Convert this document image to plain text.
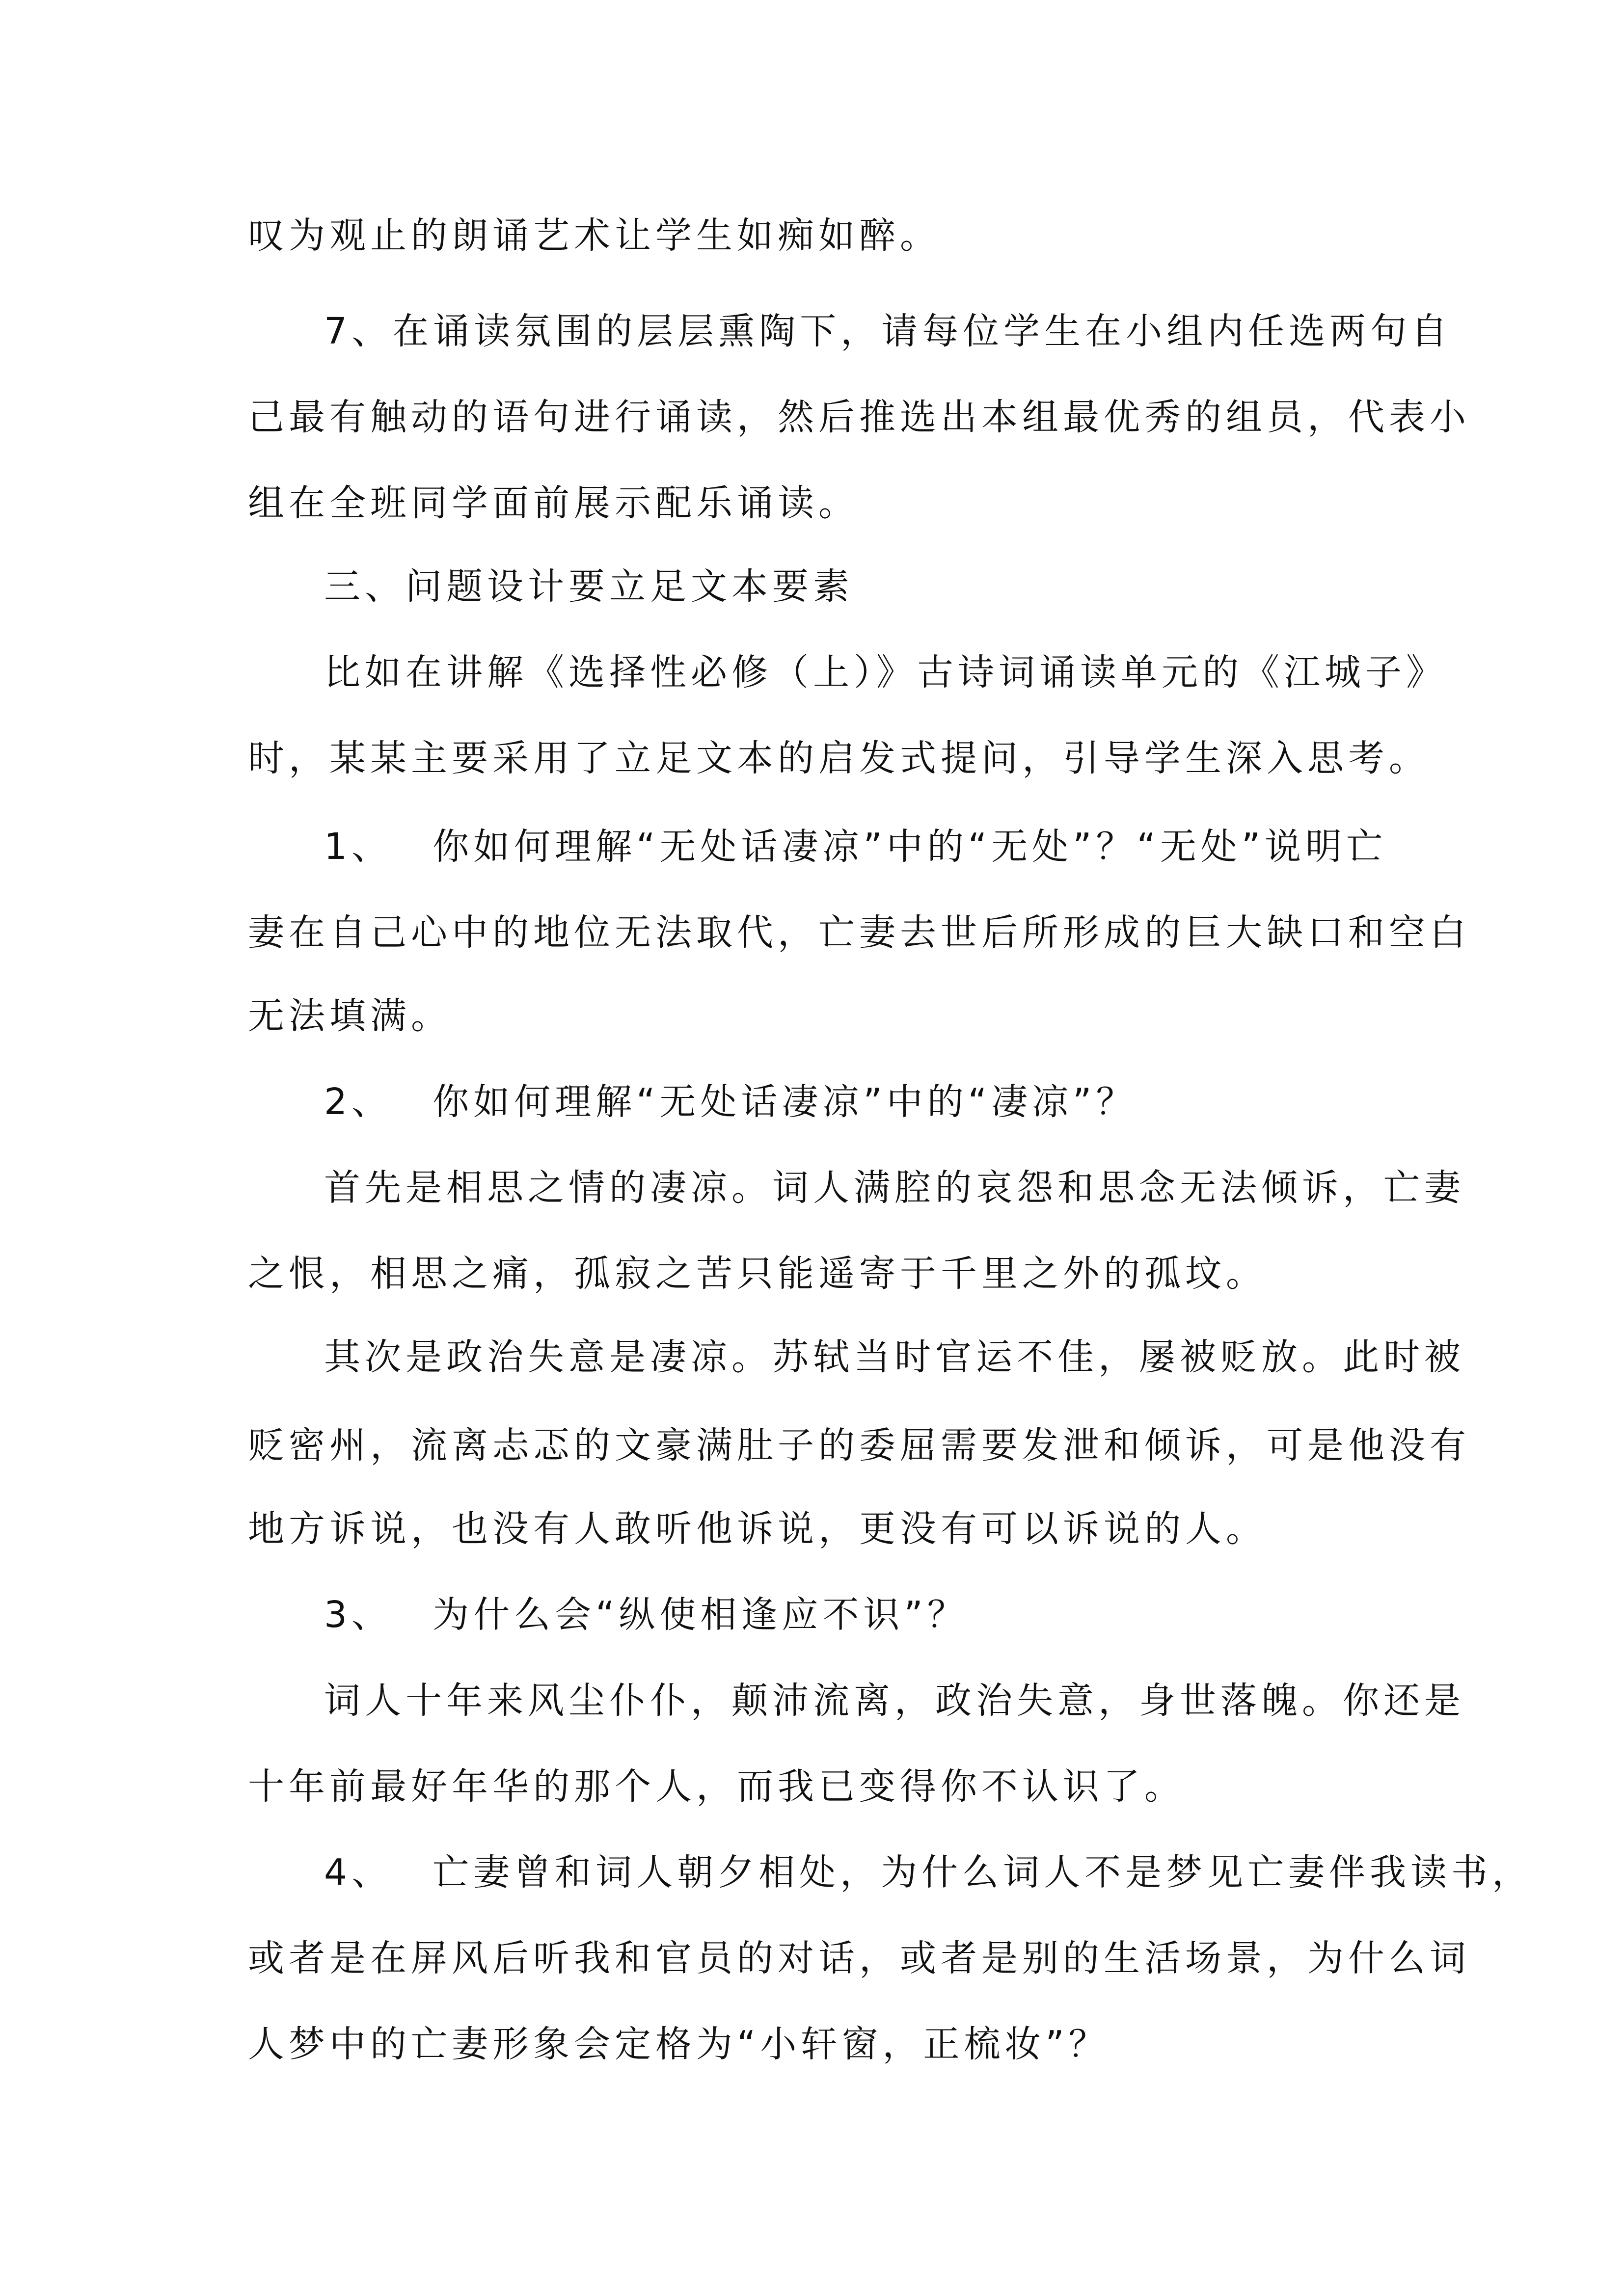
叹为观止的朗诵艺术让学生如痴如醉。

7、在诵读氛围的层层熏陶下，请每位学生在小组内任选两句自

己最有触动的语句进行诵读，然后推选出本组最优秀的组员，代表小

组在全班同学面前展示配乐诵读。

三、问题设计要立足文本要素

比如在讲解《选择性必修（上）》古诗词诵读单元的《江城子》

时，某某主要采用了立足文本的启发式提问，引导学生深入思考。

1、 你如何理解“无处话凄凉”中的“无处”？“无处”说明亡

妻在自己心中的地位无法取代，亡妻去世后所形成的巨大缺口和空白

无法填满。

2、 你如何理解“无处话凄凉”中的“凄凉”？

首先是相思之情的凄凉。词人满腔的哀怨和思念无法倾诉，亡妻

之恨，相思之痛，孤寂之苦只能遥寄于千里之外的孤坟。

其次是政治失意是凄凉。苏轼当时官运不佳，屡被贬放。此时被

贬密州，流离忐忑的文豪满肚子的委屈需要发泄和倾诉，可是他没有

地方诉说，也没有人敢听他诉说，更没有可以诉说的人。

3、 为什么会“纵使相逢应不识”？

词人十年来风尘仆仆，颠沛流离，政治失意，身世落魄。你还是

十年前最好年华的那个人，而我已变得你不认识了。

4、 亡妻曾和词人朝夕相处，为什么词人不是梦见亡妻伴我读书，

或者是在屏风后听我和官员的对话，或者是别的生活场景，为什么词

人梦中的亡妻形象会定格为“小轩窗，正梳妆”？
